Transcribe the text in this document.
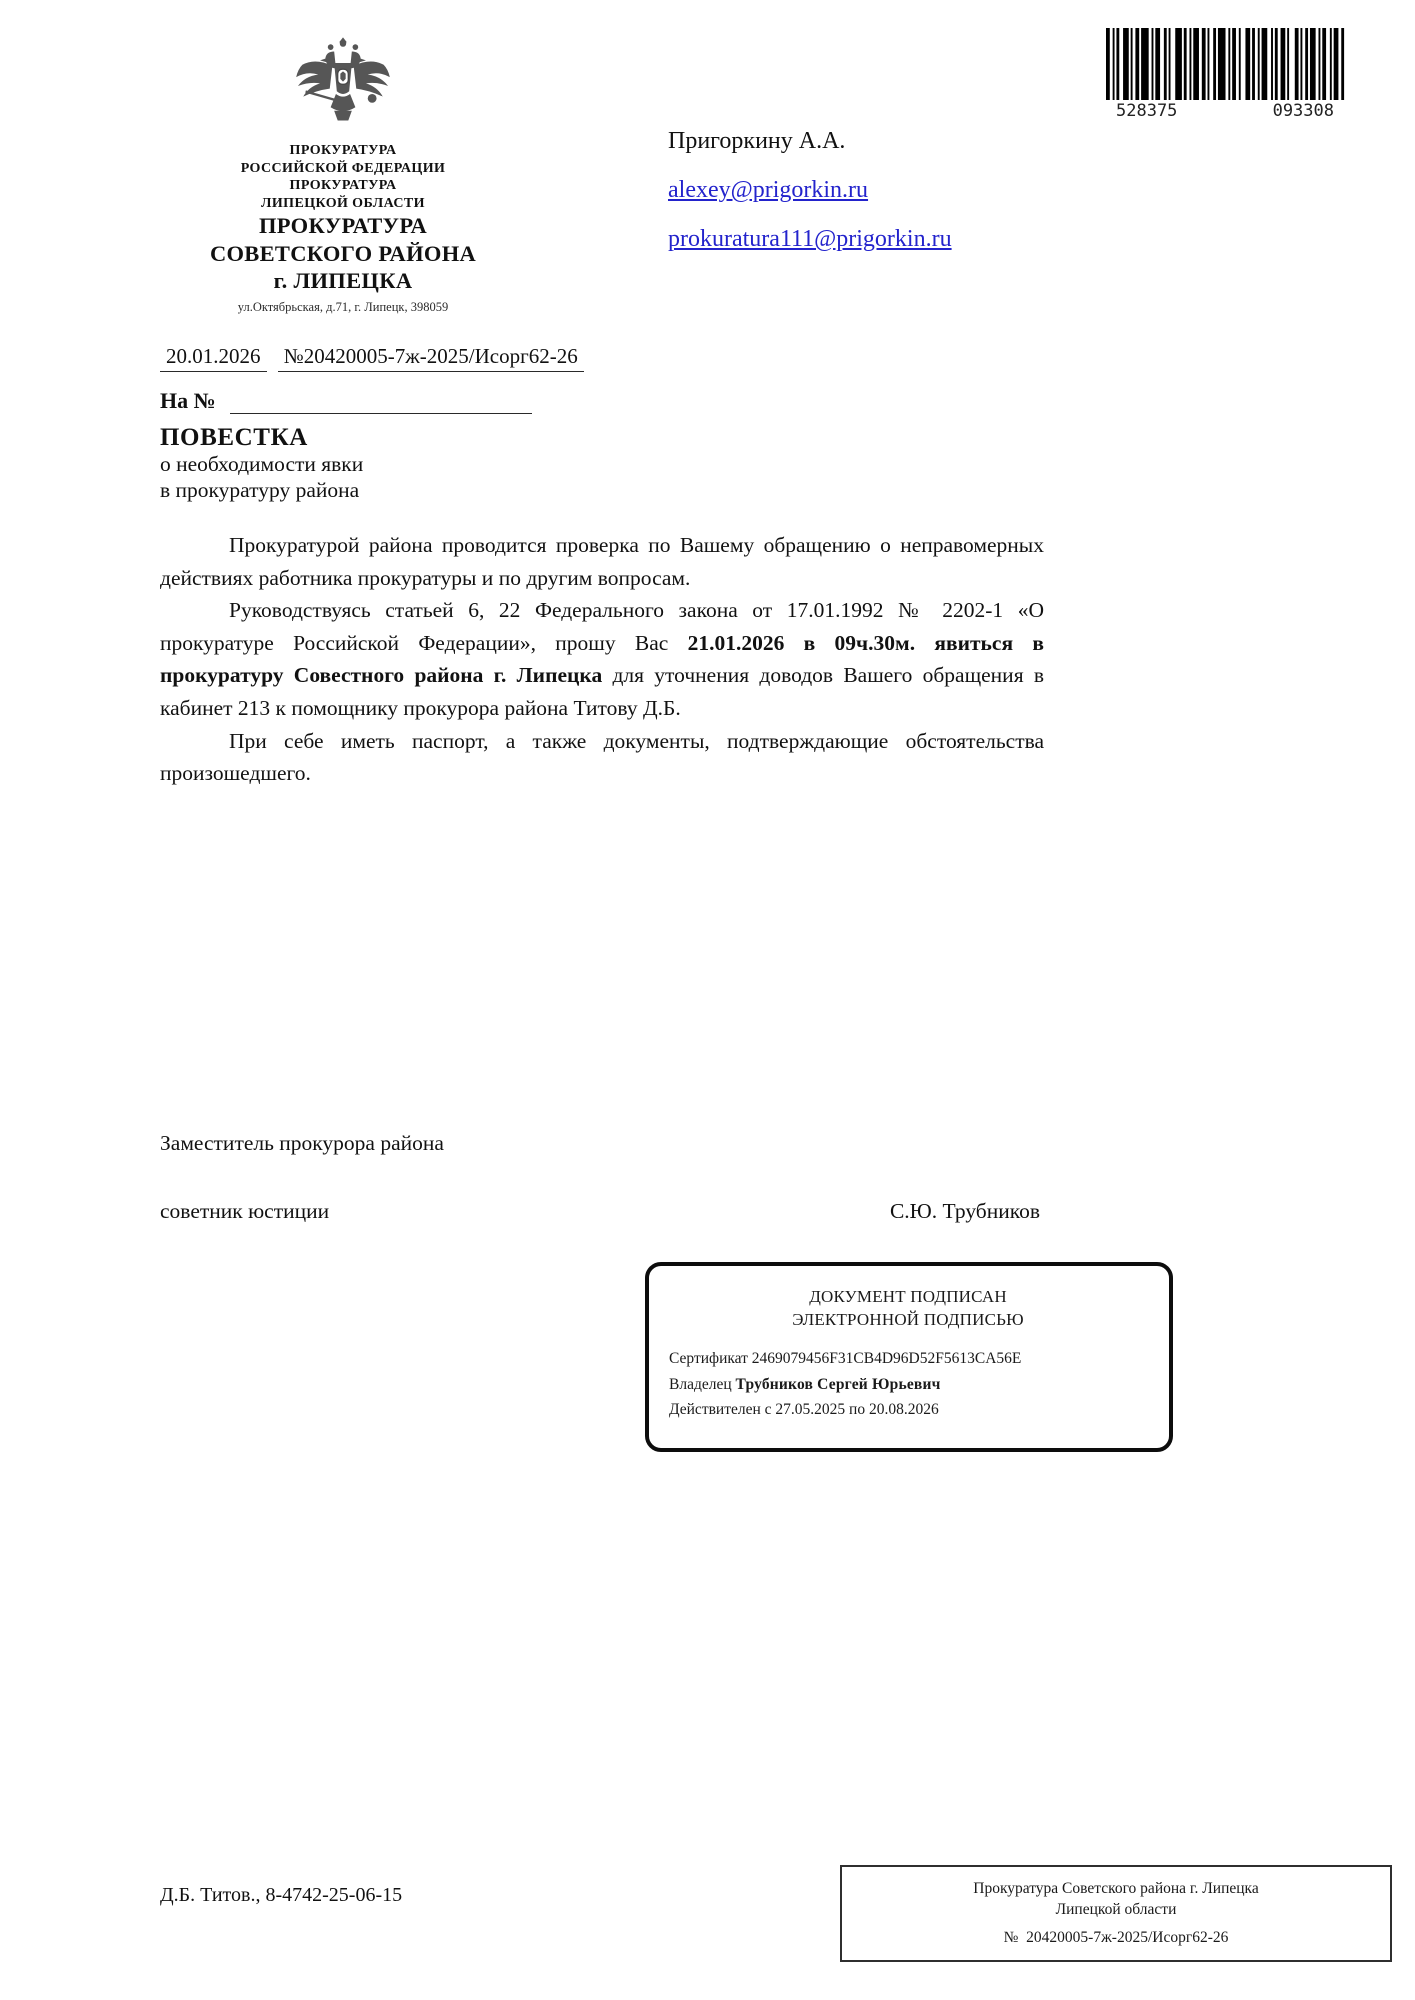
ПРОКУРАТУРА
РОССИЙСКОЙ ФЕДЕРАЦИИ
ПРОКУРАТУРА
ЛИПЕЦКОЙ ОБЛАСТИ
ПРОКУРАТУРА
СОВЕТСКОГО РАЙОНА
г. ЛИПЕЦКА
ул.Октябрьская, д.71, г. Липецк, 398059
528375	093308
Пригоркину А.А.
alexey@prigorkin.ru
prokuratura111@prigorkin.ru
20.01.2026 №20420005-7ж-2025/Исорг62-26
На №
ПОВЕСТКА
о необходимости явки
в прокуратуру района

Прокуратурой района проводится проверка по Вашему обращению о неправомерных действиях работника прокуратуры и по другим вопросам.

Руководствуясь статьей 6, 22 Федерального закона от 17.01.1992 № 2202-1 «О прокуратуре Российской Федерации», прошу Вас 21.01.2026 в 09ч.30м. явиться в прокуратуру Совестного района г. Липецка для уточнения доводов Вашего обращения в кабинет 213 к помощнику прокурора района Титову Д.Б.

При себе иметь паспорт, а также документы, подтверждающие обстоятельства произошедшего.

Заместитель прокурора района
советник юстиции	С.Ю. Трубников
ДОКУМЕНТ ПОДПИСАН
ЭЛЕКТРОННОЙ ПОДПИСЬЮ
Сертификат 2469079456F31CB4D96D52F5613CA56E
Владелец Трубников Сергей Юрьевич
Действителен с 27.05.2025 по 20.08.2026
Д.Б. Титов., 8-4742-25-06-15	Прокуратура Советского района г. Липецка
Липецкой области
№ 20420005-7ж-2025/Исорг62-26
